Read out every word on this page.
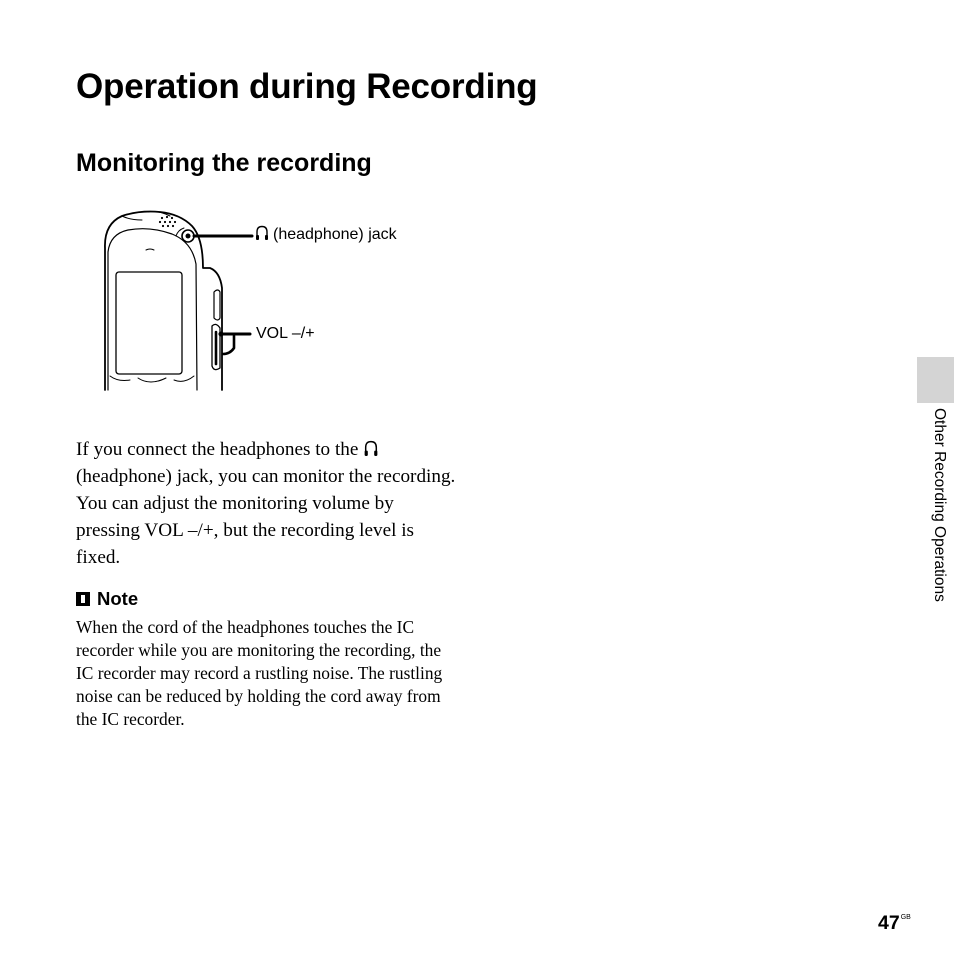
Operation during Recording
Monitoring the recording
(headphone) jack
VOL –/+

If you connect the headphones to the (headphone) jack, you can monitor the recording. You can adjust the monitoring volume by pressing VOL –/+, but the recording level is fixed.

Note

When the cord of the headphones touches the IC recorder while you are monitoring the recording, the IC recorder may record a rustling noise. The rustling noise can be reduced by holding the cord away from the IC recorder.

Other Recording Operations
$47^{GB}$
